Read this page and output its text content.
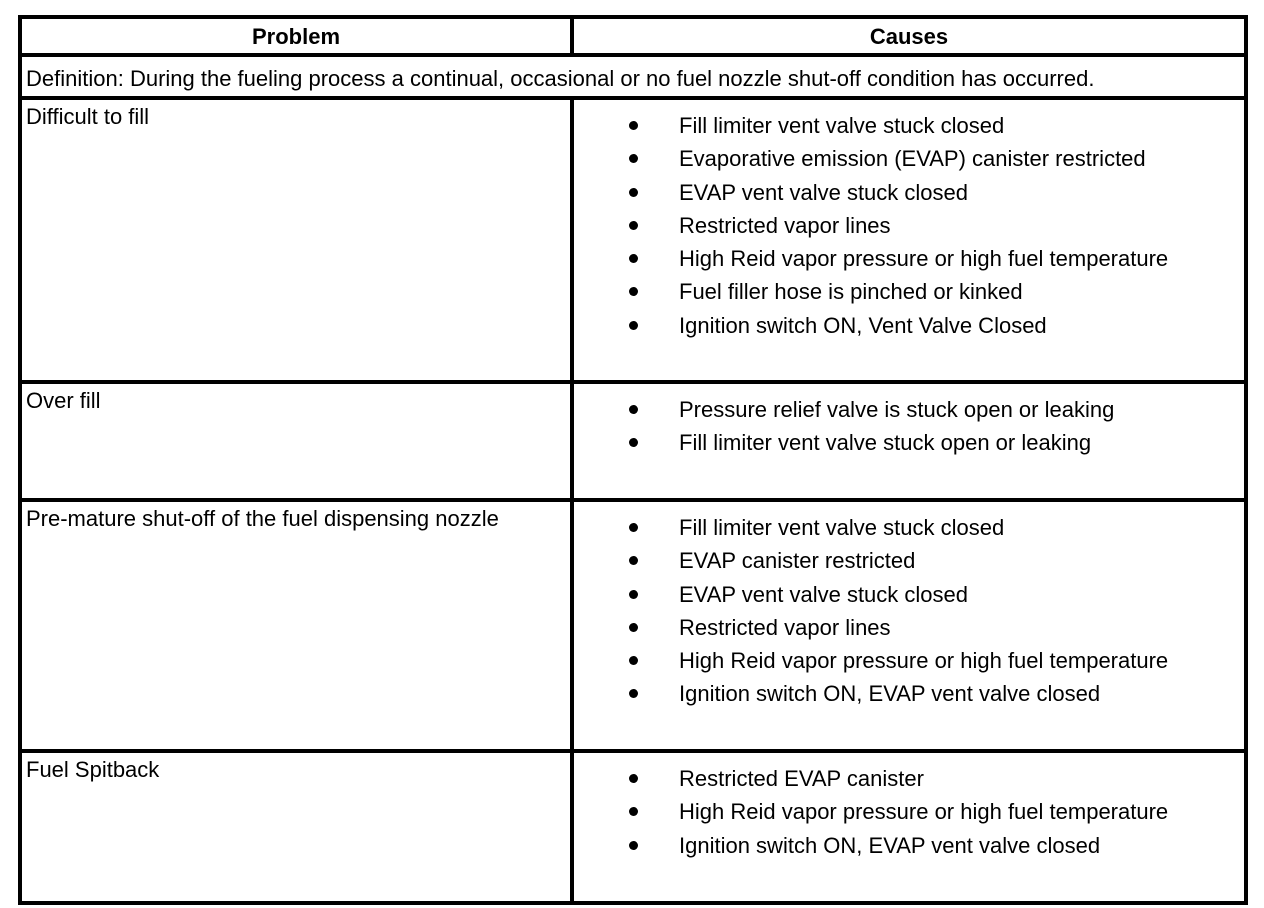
Problem	Causes
Definition: During the fueling process a continual, occasional or no fuel nozzle shut-off condition has occurred.
Difficult to fill	Fill limiter vent valve stuck closed
Evaporative emission (EVAP) canister restricted
EVAP vent valve stuck closed
Restricted vapor lines
High Reid vapor pressure or high fuel temperature
Fuel filler hose is pinched or kinked
Ignition switch ON, Vent Valve Closed
Over fill	Pressure relief valve is stuck open or leaking
Fill limiter vent valve stuck open or leaking
Pre-mature shut-off of the fuel dispensing nozzle	Fill limiter vent valve stuck closed
EVAP canister restricted
EVAP vent valve stuck closed
Restricted vapor lines
High Reid vapor pressure or high fuel temperature
Ignition switch ON, EVAP vent valve closed
Fuel Spitback	Restricted EVAP canister
High Reid vapor pressure or high fuel temperature
Ignition switch ON, EVAP vent valve closed
